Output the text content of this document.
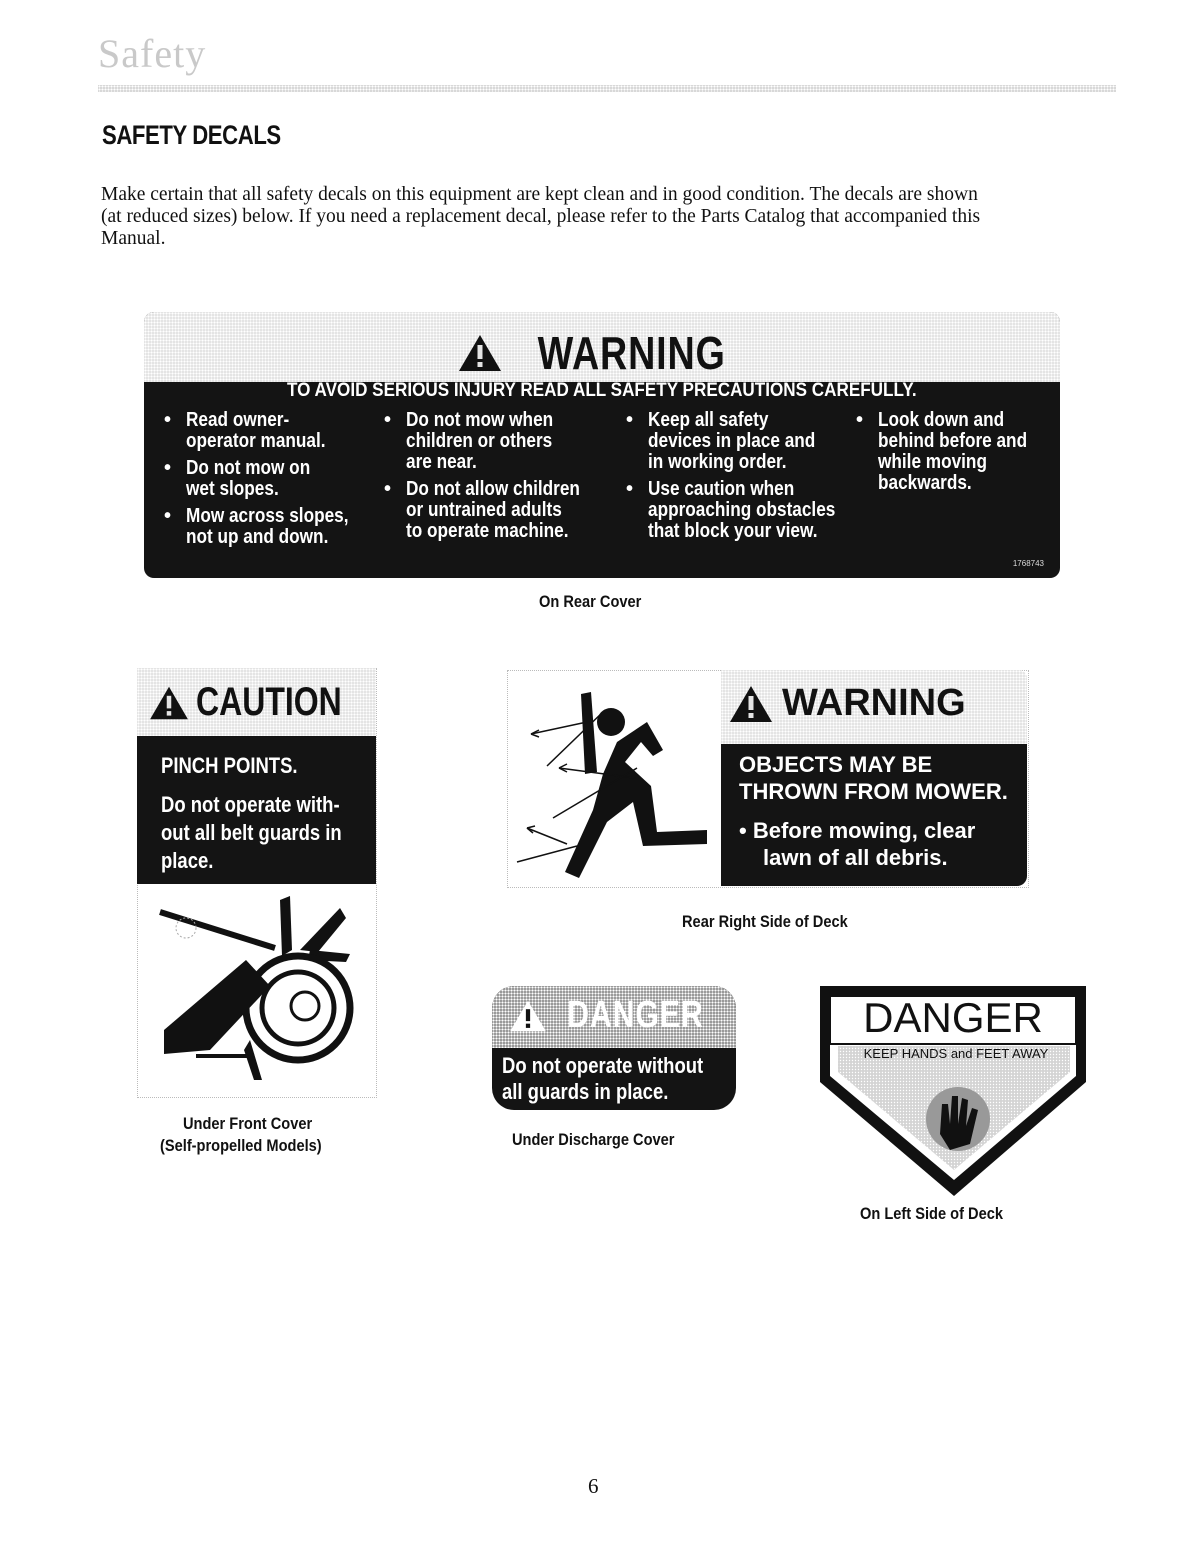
Safety
SAFETY DECALS

Make certain that all safety decals on this equipment are kept clean and in good condition. The decals are shown
(at reduced sizes) below. If you need a replacement decal, please refer to the Parts Catalog that accompanied this
Manual.

WARNING
TO AVOID SERIOUS INJURY READ ALL SAFETY PRECAUTIONS CAREFULLY.
• Read owner-
operator manual.
• Do not mow on
wet slopes.
• Mow across slopes,
not up and down.
• Do not mow when
children or others
are near.
• Do not allow children
or untrained adults
to operate machine.
• Keep all safety
devices in place and
in working order.
• Use caution when
approaching obstacles
that block your view.
• Look down and
behind before and
while moving
backwards.
1768743
On Rear Cover
CAUTION
PINCH POINTS.
Do not operate with-
out all belt guards in
place.
Under Front Cover
(Self-propelled Models)
WARNING
OBJECTS MAY BE
THROWN FROM MOWER.
• Before mowing, clear
lawn of all debris.
Rear Right Side of Deck
DANGER
Do not operate without
all guards in place.
Under Discharge Cover
DANGER
KEEP HANDS and FEET AWAY
On Left Side of Deck
6
